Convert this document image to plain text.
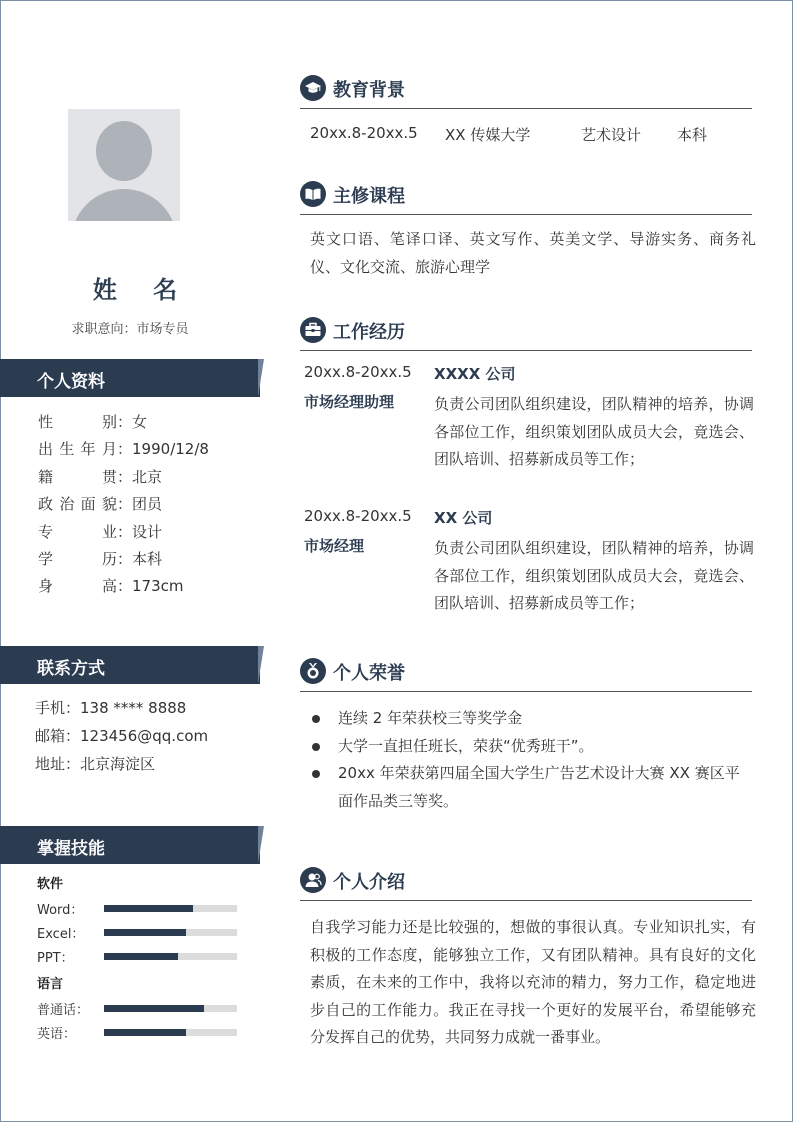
姓 名
求职意向：市场专员
个人资料
性	别 ： 女
出 生 年 月 ： 1990/12/8
籍	贯 ： 北京
政 治 面 貌 ： 团员
专	业 ： 设计
学	历 ： 本科
身	高 ： 173cm
联系方式
手机：138 **** 8888
邮箱：123456@qq.com
地址：北京海淀区
掌握技能
软件
Word：
Excel：
PPT：
语言
普通话：
英语：
教育背景
20xx.8-20xx.5	XX 传媒大学	艺术设计	本科
主修课程
英文口语、笔译口译、英文写作、英美文学、导游实务、商务礼仪、文化交流、旅游心理学
工作经历
20xx.8-20xx.5
市场经理助理
XXXX 公司
负责公司团队组织建设，团队精神的培养，协调各部位工作，组织策划团队成员大会，竟选会、团队培训、招募新成员等工作；
20xx.8-20xx.5
市场经理
XX 公司
负责公司团队组织建设，团队精神的培养，协调各部位工作，组织策划团队成员大会，竟选会、团队培训、招募新成员等工作；
个人荣誉
连续 2 年荣获校三等奖学金
大学一直担任班长，荣获“优秀班干”。
20xx 年荣获第四届全国大学生广告艺术设计大赛 XX 赛区平面作品类三等奖。
个人介绍
自我学习能力还是比较强的，想做的事很认真。专业知识扎实，有积极的工作态度，能够独立工作，又有团队精神。具有良好的文化素质，在未来的工作中，我将以充沛的精力，努力工作，稳定地进步自己的工作能力。我正在寻找一个更好的发展平台，希望能够充分发挥自己的优势，共同努力成就一番事业。
